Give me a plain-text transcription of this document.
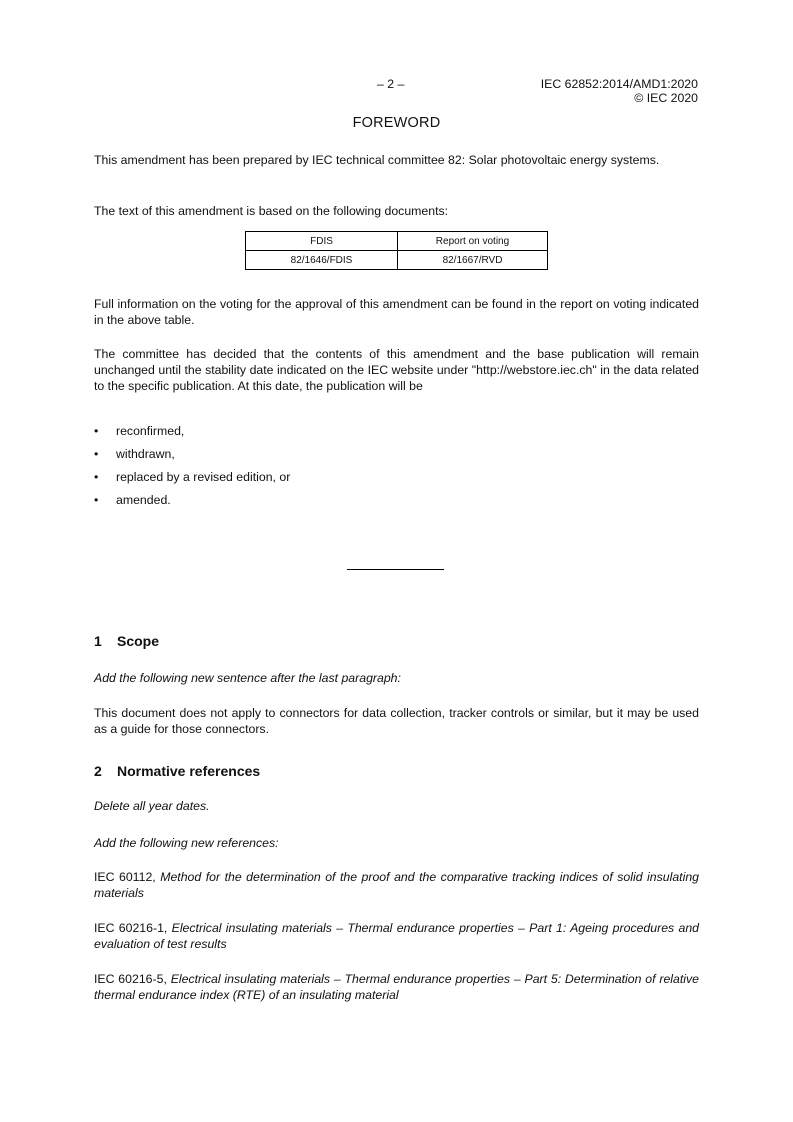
– 2 –	IEC 62852:2014/AMD1:2020
© IEC 2020
FOREWORD

This amendment has been prepared by IEC technical committee 82: Solar photovoltaic energy systems.

The text of this amendment is based on the following documents:

FDIS	Report on voting
82/1646/FDIS	82/1667/RVD

Full information on the voting for the approval of this amendment can be found in the report on voting indicated in the above table.

The committee has decided that the contents of this amendment and the base publication will remain unchanged until the stability date indicated on the IEC website under "http://webstore.iec.ch" in the data related to the specific publication. At this date, the publication will be

• reconfirmed,
• withdrawn,
• replaced by a revised edition, or
• amended.
1 Scope

Add the following new sentence after the last paragraph:

This document does not apply to connectors for data collection, tracker controls or similar, but it may be used as a guide for those connectors.

2 Normative references

Delete all year dates.

Add the following new references:

IEC 60112, Method for the determination of the proof and the comparative tracking indices of solid insulating materials

IEC 60216-1, Electrical insulating materials – Thermal endurance properties – Part 1: Ageing procedures and evaluation of test results

IEC 60216-5, Electrical insulating materials – Thermal endurance properties – Part 5: Determination of relative thermal endurance index (RTE) of an insulating material
